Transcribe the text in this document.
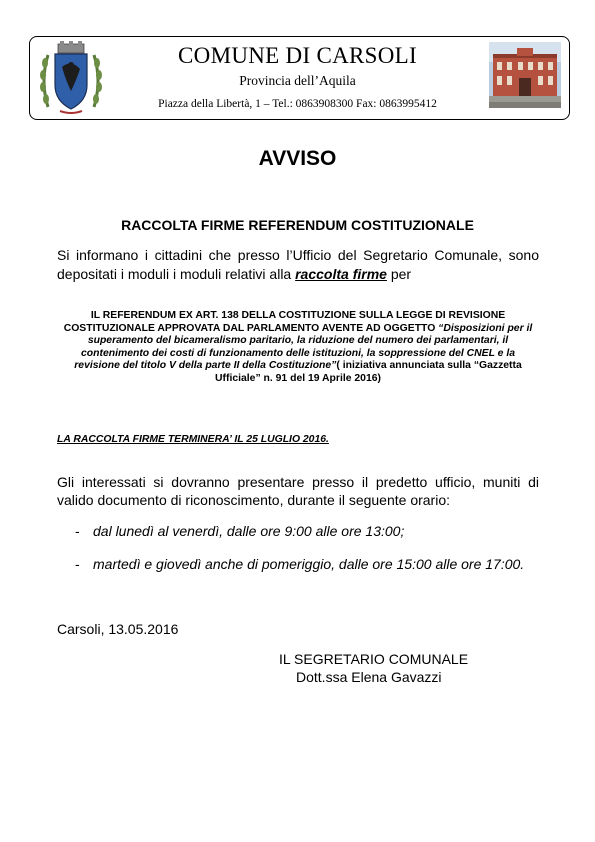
COMUNE DI CARSOLI
Provincia dell’Aquila
Piazza della Libertà, 1 – Tel.: 0863908300 Fax: 0863995412
AVVISO
RACCOLTA FIRME REFERENDUM COSTITUZIONALE
Si informano i cittadini che presso l’Ufficio del Segretario Comunale, sono
depositati i moduli i moduli relativi alla raccolta firme per
IL REFERENDUM EX ART. 138 DELLA COSTITUZIONE SULLA LEGGE DI REVISIONE COSTITUZIONALE APPROVATA DAL PARLAMENTO AVENTE AD OGGETTO “Disposizioni per il superamento del bicameralismo paritario, la riduzione del numero dei parlamentari, il contenimento dei costi di funzionamento delle istituzioni, la soppressione del CNEL e la revisione del titolo V della parte II della Costituzione”( iniziativa annunciata sulla “Gazzetta Ufficiale” n. 91 del 19 Aprile 2016)
LA RACCOLTA FIRME TERMINERA’ IL 25 LUGLIO 2016.
Gli interessati si dovranno presentare presso il predetto ufficio, muniti di
valido documento di riconoscimento, durante il seguente orario:
- dal lunedì al venerdì, dalle ore 9:00 alle ore 13:00;
- martedì e giovedì anche di pomeriggio, dalle ore 15:00 alle ore 17:00.
Carsoli, 13.05.2016
IL SEGRETARIO COMUNALE
Dott.ssa Elena Gavazzi
